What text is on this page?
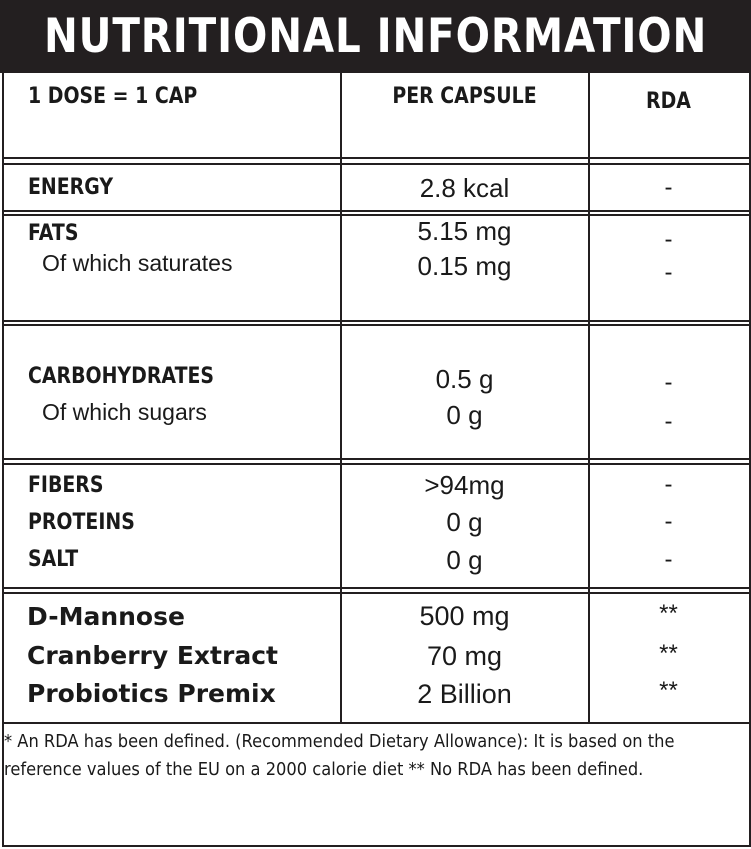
NUTRITIONAL INFORMATION
1 DOSE = 1 CAP	PER CAPSULE	RDA
ENERGY	2.8 kcal	-
FATS	5.15 mg	-
Of which saturates	0.15 mg	-
CARBOHYDRATES	0.5 g	-
Of which sugars	0 g	-
FIBERS	>94mg	-
PROTEINS	0 g	-
SALT	0 g	-
D-Mannose	500 mg	**
Cranberry Extract	70 mg	**
Probiotics Premix	2 Billion	**
* An RDA has been defined. (Recommended Dietary Allowance): It is based on the reference values of the EU on a 2000 calorie diet ** No RDA has been defined.
